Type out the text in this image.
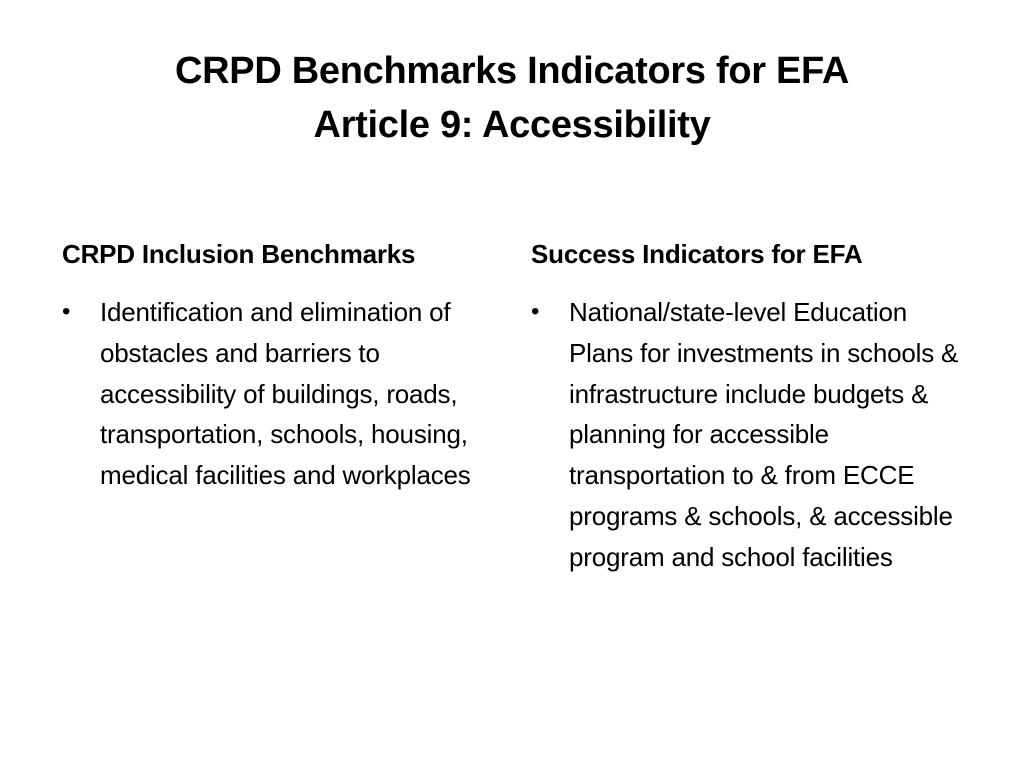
CRPD Benchmarks Indicators for EFA
Article 9: Accessibility
CRPD Inclusion Benchmarks
• Identification and elimination of obstacles and barriers to accessibility of buildings, roads, transportation, schools, housing, medical facilities and workplaces
Success Indicators for EFA
• National/state-level Education Plans for investments in schools & infrastructure include budgets & planning for accessible transportation to & from ECCE programs & schools, & accessible program and school facilities
